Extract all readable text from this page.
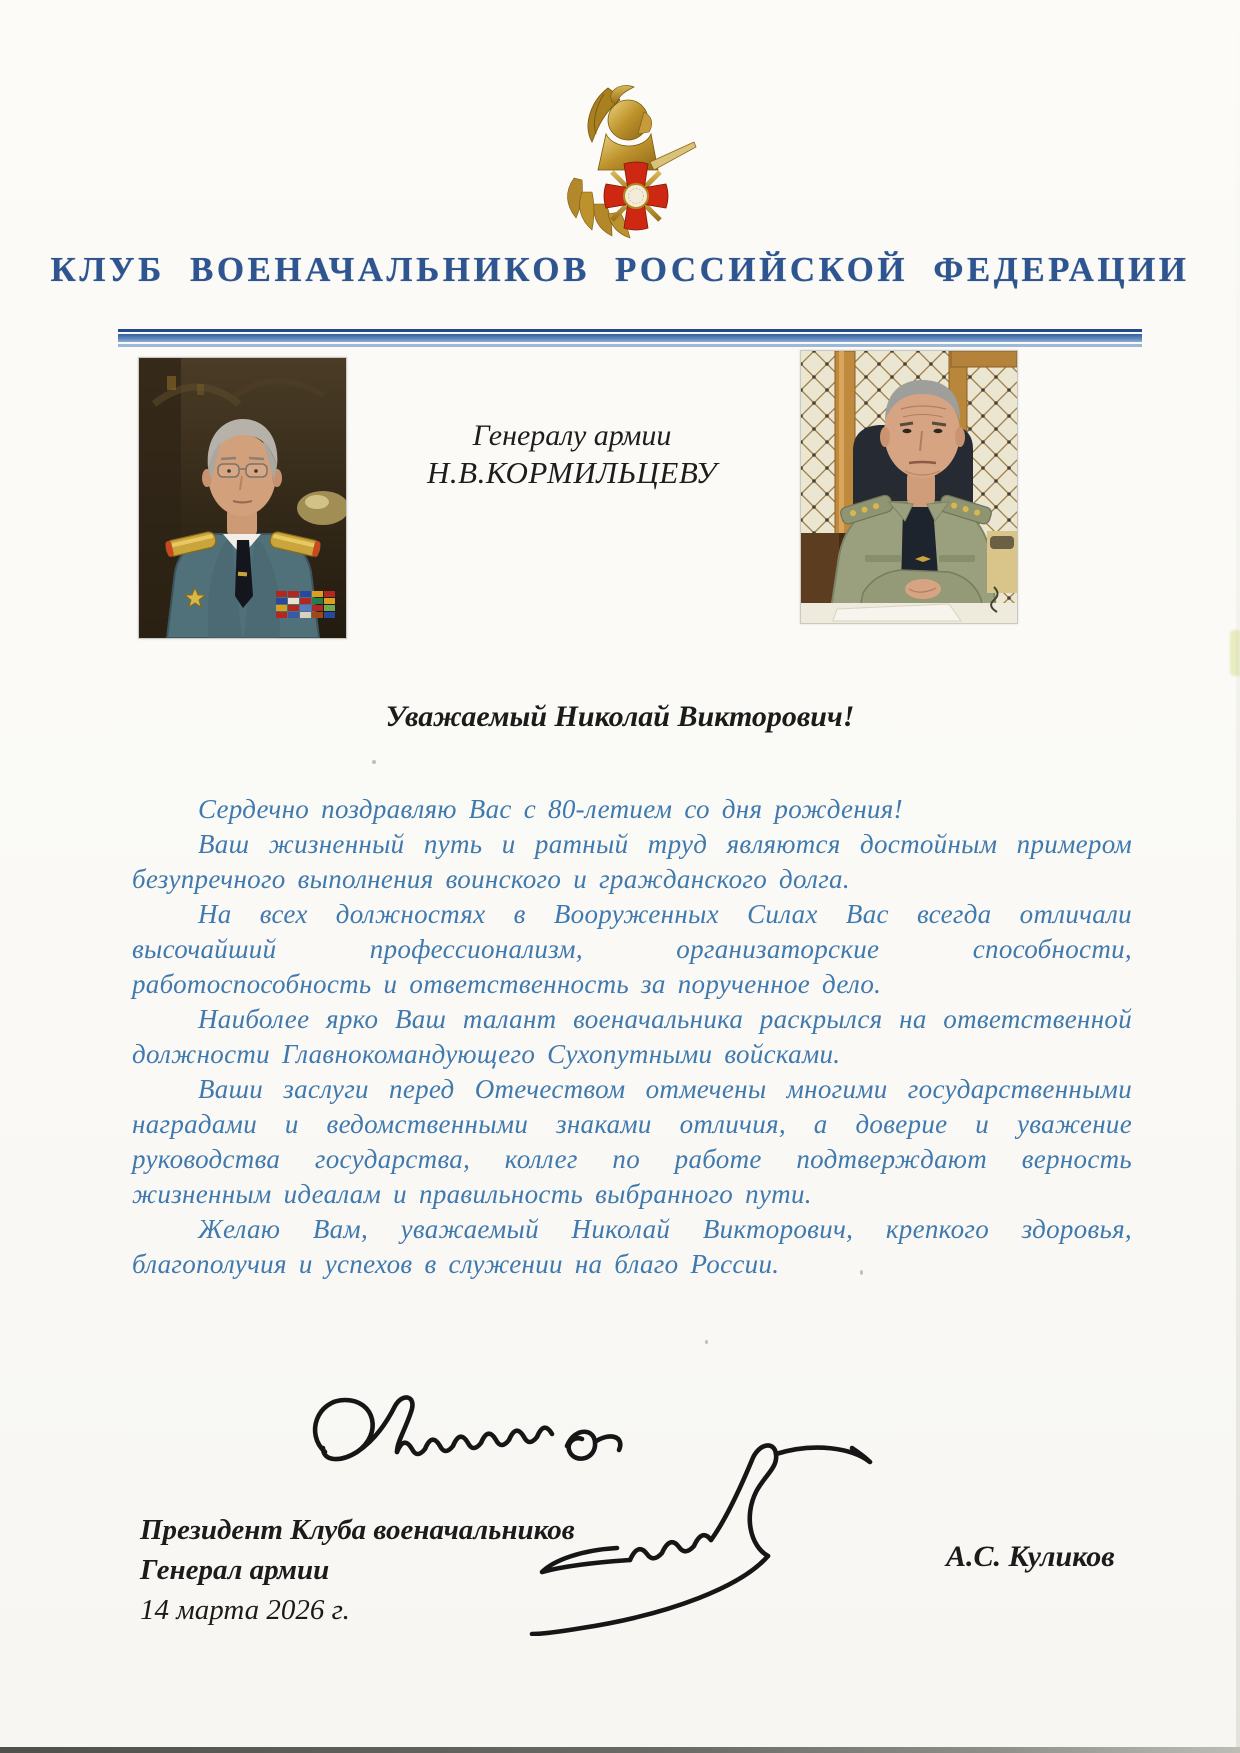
КЛУБ ВОЕНАЧАЛЬНИКОВ РОССИЙСКОЙ ФЕДЕРАЦИИ
Генералу армии
Н.В.КОРМИЛЬЦЕВУ
Уважаемый Николай Викторович!

Сердечно поздравляю Вас с 80-летием со дня рождения!

Ваш жизненный путь и ратный труд являются достойным примером безупречного выполнения воинского и гражданского долга.

На всех должностях в Вооруженных Силах Вас всегда отличали высочайший профессионализм, организаторские способности, работоспособность и ответственность за порученное дело.

Наиболее ярко Ваш талант военачальника раскрылся на ответственной должности Главнокомандующего Сухопутными войсками.

Ваши заслуги перед Отечеством отмечены многими государственными наградами и ведомственными знаками отличия, а доверие и уважение руководства государства, коллег по работе подтверждают верность жизненным идеалам и правильность выбранного пути.

Желаю Вам, уважаемый Николай Викторович, крепкого здоровья, благополучия и успехов в служении на благо России.

Президент Клуба военачальников
Генерал армии
14 марта 2026 г.
А.С. Куликов
